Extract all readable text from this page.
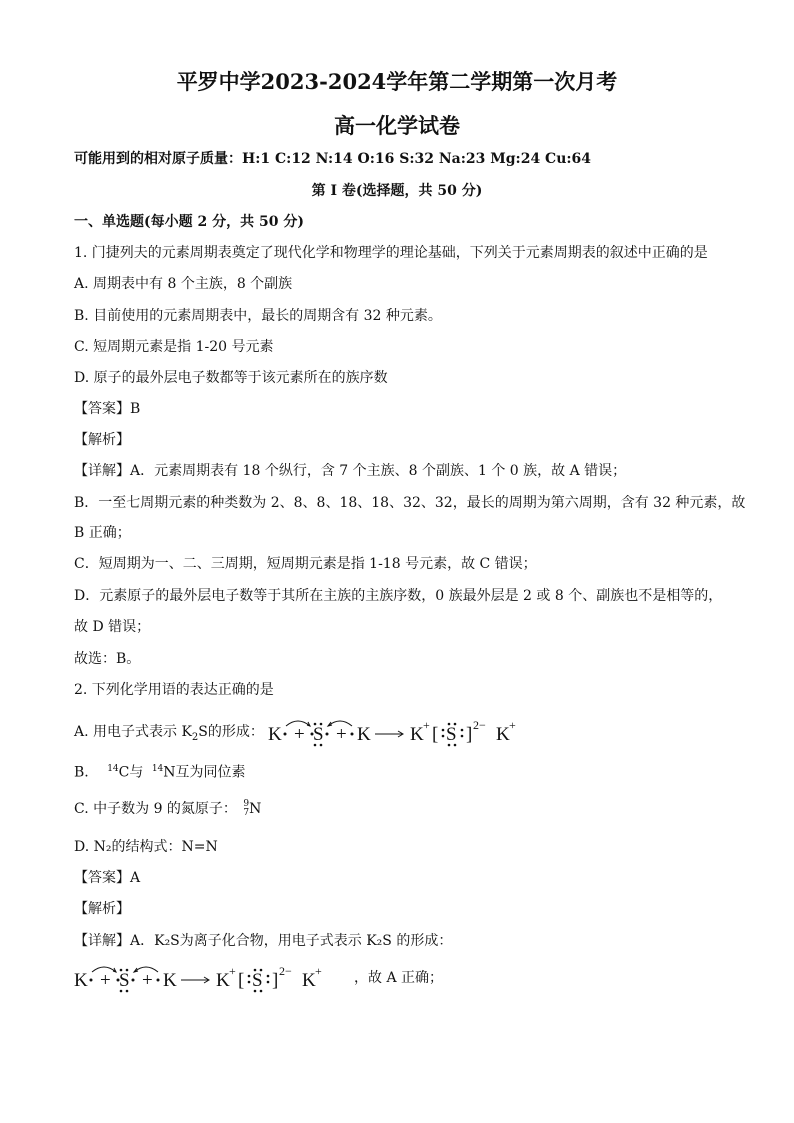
平罗中学2023-2024学年第二学期第一次月考
高一化学试卷
可能用到的相对原子质量：H:1 C:12 N:14 O:16 S:32 Na:23 Mg:24 Cu:64
第 I 卷(选择题，共 50 分)
一、单选题(每小题 2 分，共 50 分)
1. 门捷列夫的元素周期表奠定了现代化学和物理学的理论基础，下列关于元素周期表的叙述中正确的是
A. 周期表中有 8 个主族，8 个副族
B. 目前使用的元素周期表中，最长的周期含有 32 种元素。
C. 短周期元素是指 1-20 号元素
D. 原子的最外层电子数都等于该元素所在的族序数
【答案】B
【解析】
【详解】A．元素周期表有 18 个纵行，含 7 个主族、8 个副族、1 个 0 族，故 A 错误；
B．一至七周期元素的种类数为 2、8、8、18、18、32、32，最长的周期为第六周期，含有 32 种元素，故
B 正确；
C．短周期为一、二、三周期，短周期元素是指 1-18 号元素，故 C 错误；
D．元素原子的最外层电子数等于其所在主族的主族序数，0 族最外层是 2 或 8 个、副族也不是相等的，
故 D 错误；
故选：B。
2. 下列化学用语的表达正确的是
A. 用电子式表示 $K_2S$的形成： K + S + K K + [ S ] 2− K +
B. $^{14}$C与 $^{14}$N互为同位素
C. 中子数为 9 的氮原子： 9
7 N
D. N₂的结构式：N=N
【答案】A
【解析】
【详解】A．K₂S为离子化合物，用电子式表示 K₂S 的形成：
K + S + K K + [ S ] 2− K + ，故 A 正确；
